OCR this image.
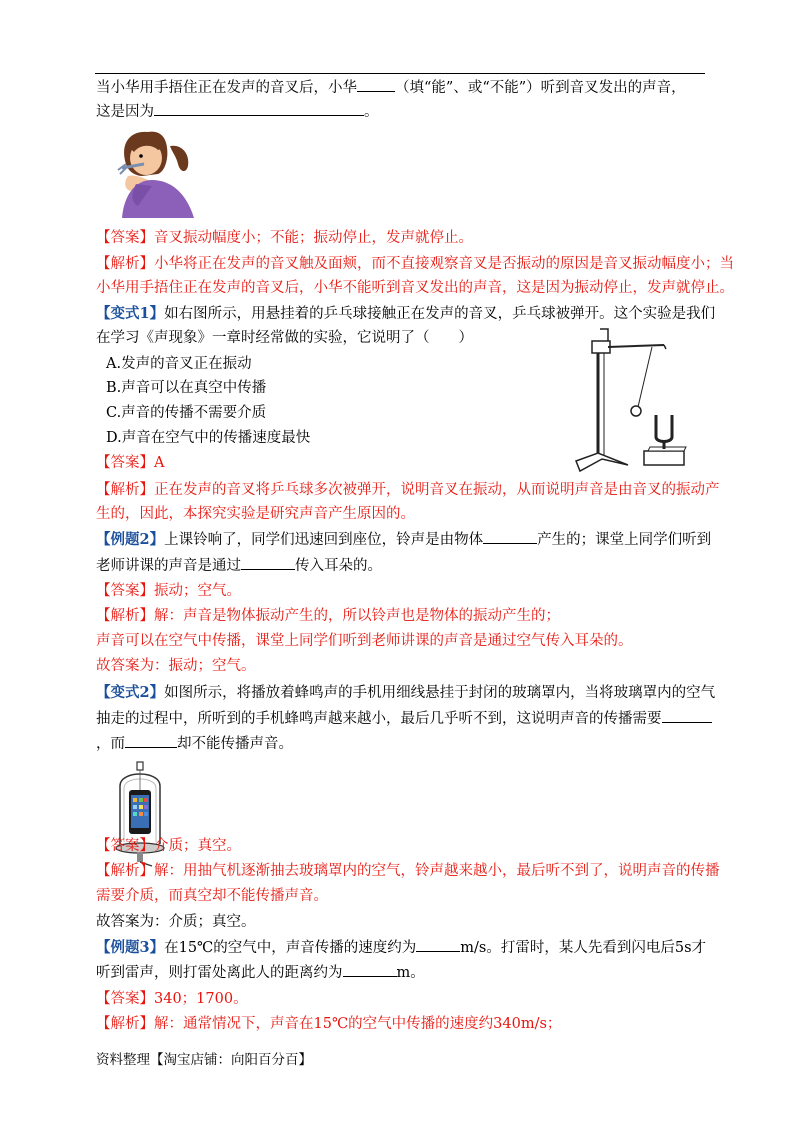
当小华用手捂住正在发声的音叉后，小华	（填“能”、或“不能”）听到音叉发出的声音，
这是因为	。
【答案】音叉振动幅度小；不能；振动停止，发声就停止。
【解析】小华将正在发声的音叉触及面颊，而不直接观察音叉是否振动的原因是音叉振动幅度小；当
小华用手捂住正在发声的音叉后，小华不能听到音叉发出的声音，这是因为振动停止，发声就停止。
【变式1】如右图所示，用悬挂着的乒乓球接触正在发声的音叉，乒乓球被弹开。这个实验是我们
在学习《声现象》一章时经常做的实验，它说明了（　　）
A.发声的音叉正在振动
B.声音可以在真空中传播
C.声音的传播不需要介质
D.声音在空气中的传播速度最快
【答案】A
【解析】正在发声的音叉将乒乓球多次被弹开，说明音叉在振动，从而说明声音是由音叉的振动产
生的，因此，本探究实验是研究声音产生原因的。
【例题2】上课铃响了，同学们迅速回到座位，铃声是由物体	产生的；课堂上同学们听到
老师讲课的声音是通过	传入耳朵的。
【答案】振动；空气。
【解析】解：声音是物体振动产生的，所以铃声也是物体的振动产生的；
声音可以在空气中传播，课堂上同学们听到老师讲课的声音是通过空气传入耳朵的。
故答案为：振动；空气。
【变式2】如图所示，将播放着蜂鸣声的手机用细线悬挂于封闭的玻璃罩内，当将玻璃罩内的空气
抽走的过程中，所听到的手机蜂鸣声越来越小，最后几乎听不到，这说明声音的传播需要
，而	却不能传播声音。
【答案】介质；真空。
【解析】解：用抽气机逐渐抽去玻璃罩内的空气，铃声越来越小，最后听不到了，说明声音的传播
需要介质，而真空却不能传播声音。
故答案为：介质；真空。
【例题3】在15℃的空气中，声音传播的速度约为	m/s。打雷时，某人先看到闪电后5s才
听到雷声，则打雷处离此人的距离约为	m。
【答案】340；1700。
【解析】解：通常情况下，声音在15℃的空气中传播的速度约340m/s；
资料整理【淘宝店铺：向阳百分百】
